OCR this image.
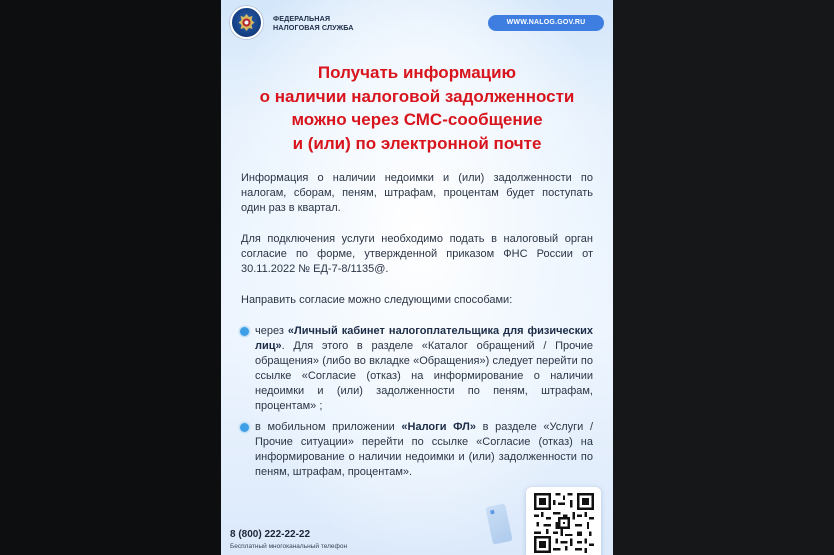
ФЕДЕРАЛЬНАЯ
НАЛОГОВАЯ СЛУЖБА
WWW.NALOG.GOV.RU
Получать информацию
о наличии налоговой задолженности
можно через СМС-сообщение
и (или) по электронной почте

Информация о наличии недоимки и (или) задолженности по налогам, сборам, пеням, штрафам, процентам будет поступать один раз в квартал.

Для подключения услуги необходимо подать в налоговый орган согласие по форме, утвержденной приказом ФНС России от 30.11.2022 № ЕД-7-8/1135@.

Направить согласие можно следующими способами:

через «Личный кабинет налогоплательщика для физических лиц». Для этого в разделе «Каталог обращений / Прочие обращения» (либо во вкладке «Обращения») следует перейти по ссылке «Согласие (отказ) на информирование о наличии недоимки и (или) задолженности по пеням, штрафам, процентам» ;
в мобильном приложении «Налоги ФЛ» в разделе «Услуги / Прочие ситуации» перейти по ссылке «Согласие (отказ) на информирование о наличии недоимки и (или) задолженности по пеням, штрафам, процентам».
8 (800) 222-22-22
Бесплатный многоканальный телефон
